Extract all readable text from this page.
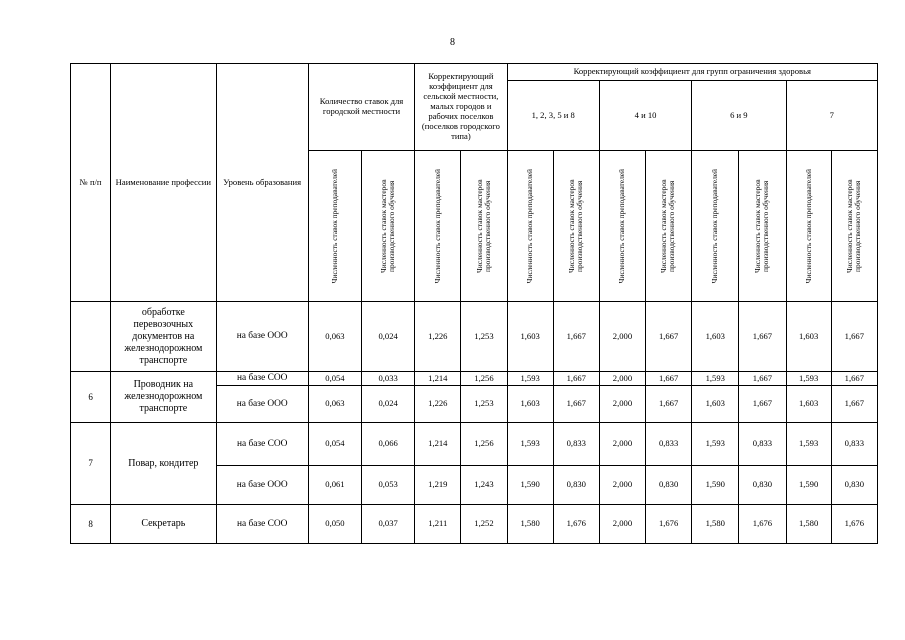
8
№ п/п	Наименование профессии	Уровень образования	Количество ставок для городской местности		Корректирующий коэффициент для сельской местности, малых городов и рабочих поселков (поселков городского типа)		Корректирующий коэффициент для групп ограничения здоровья							
							1, 2, 3, 5 и 8		4 и 10		6 и 9		7	

			Численность ставок преподавателей	Численность ставок мастеров производственного обучения	Численность ставок преподавателей	Численность ставок мастеров производственного обучения	Численность ставок преподавателей	Численность ставок мастеров производственного обучения	Численность ставок преподавателей	Численность ставок мастеров производственного обучения	Численность ставок преподавателей	Численность ставок мастеров производственного обучения	Численность ставок преподавателей	Численность ставок мастеров производственного обучения

	обработке перевозочных документов на железнодорожном транспорте	на базе ООО	0,063	0,024	1,226	1,253	1,603	1,667	2,000	1,667	1,603	1,667	1,603	1,667
6	Проводник на железнодорожном транспорте	на базе СОО	0,054	0,033	1,214	1,256	1,593	1,667	2,000	1,667	1,593	1,667	1,593	1,667
		на базе ООО	0,063	0,024	1,226	1,253	1,603	1,667	2,000	1,667	1,603	1,667	1,603	1,667
7	Повар, кондитер	на базе СОО	0,054	0,066	1,214	1,256	1,593	0,833	2,000	0,833	1,593	0,833	1,593	0,833
		на базе ООО	0,061	0,053	1,219	1,243	1,590	0,830	2,000	0,830	1,590	0,830	1,590	0,830
8	Секретарь	на базе СОО	0,050	0,037	1,211	1,252	1,580	1,676	2,000	1,676	1,580	1,676	1,580	1,676
